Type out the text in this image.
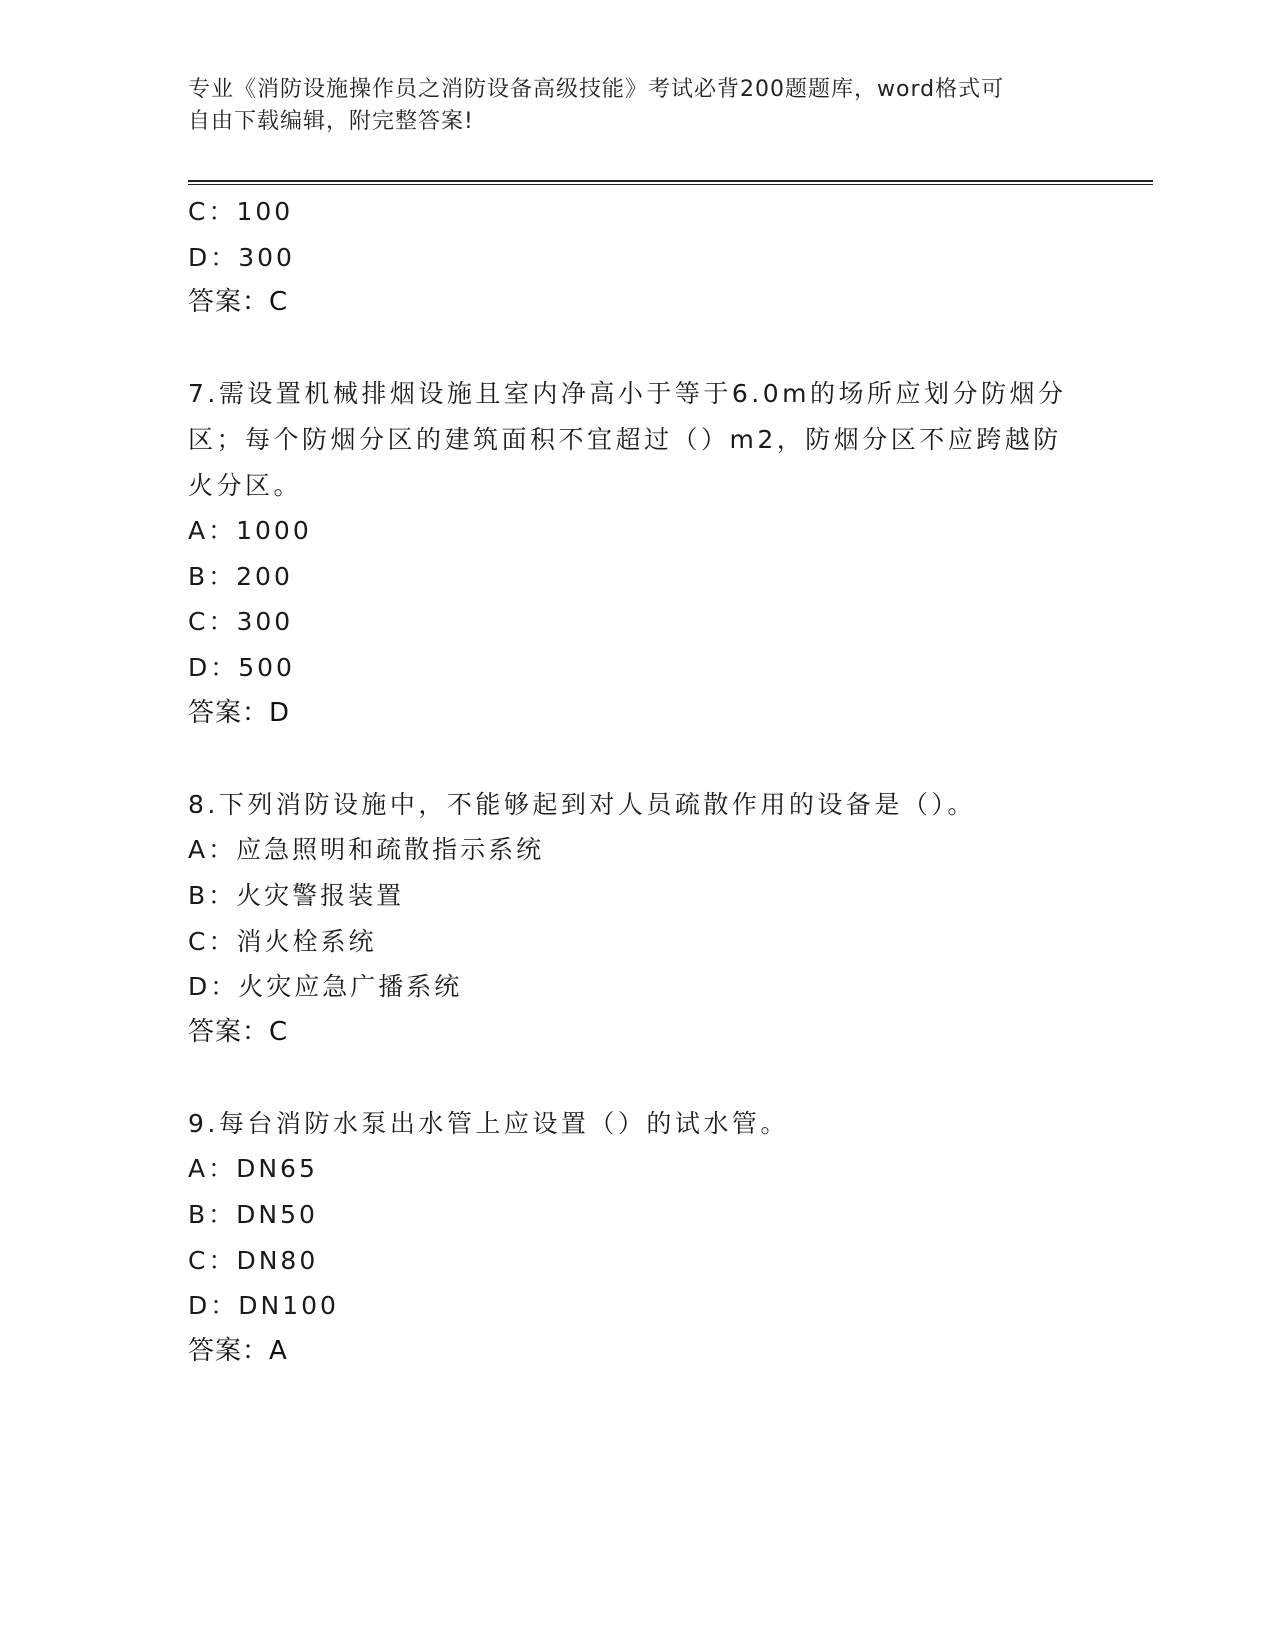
专业《消防设施操作员之消防设备高级技能》考试必背200题题库，word格式可
自由下载编辑，附完整答案!
C：100
D：300
答案：C
7.需设置机械排烟设施且室内净高小于等于6.0m的场所应划分防烟分
区；每个防烟分区的建筑面积不宜超过（）m2，防烟分区不应跨越防
火分区。
A：1000
B：200
C：300
D：500
答案：D
8.下列消防设施中，不能够起到对人员疏散作用的设备是（）。
A：应急照明和疏散指示系统
B：火灾警报装置
C：消火栓系统
D：火灾应急广播系统
答案：C
9.每台消防水泵出水管上应设置（）的试水管。
A：DN65
B：DN50
C：DN80
D：DN100
答案：A
